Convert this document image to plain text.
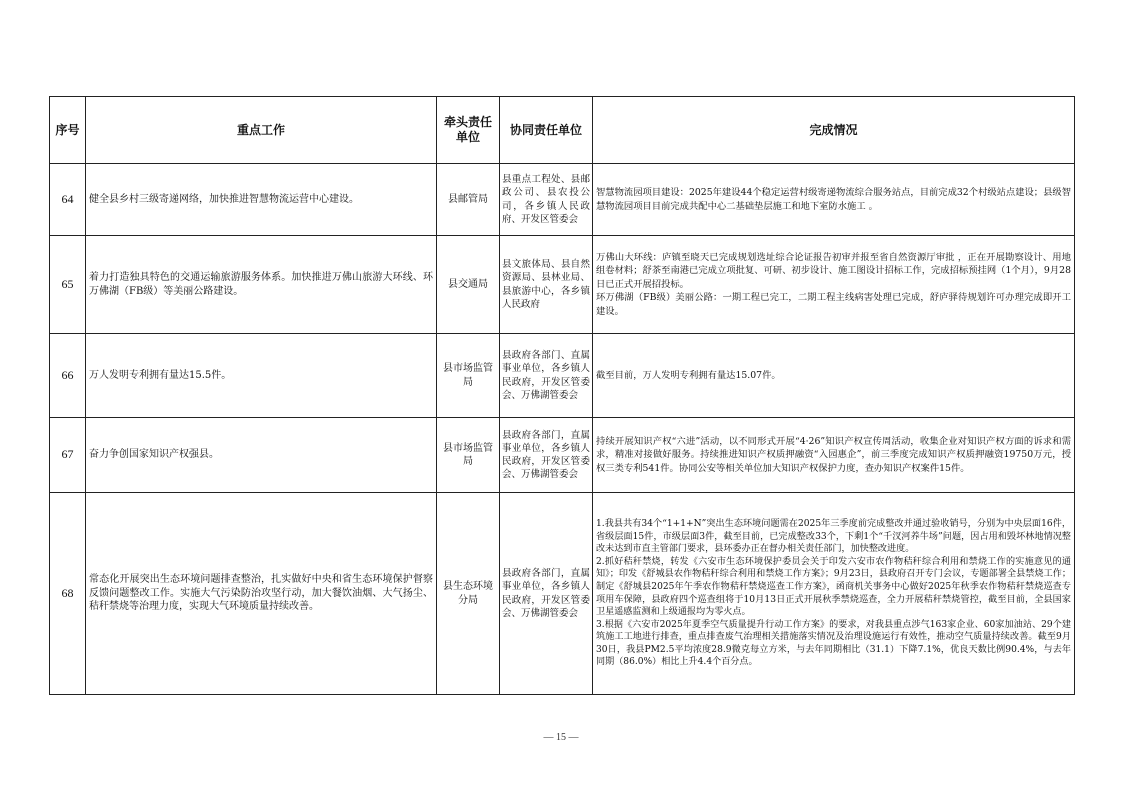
序号	重点工作	牵头责任单位	协同责任单位	完成情况
64	健全县乡村三级寄递网络，加快推进智慧物流运营中心建设。	县邮管局	县重点工程处、县邮政公司、县农投公司，各乡镇人民政府、开发区管委会	智慧物流园项目建设：2025年建设44个稳定运营村级寄递物流综合服务站点，目前完成32个村级站点建设；县级智慧物流园项目目前完成共配中心二基础垫层施工和地下室防水施工 。

65	着力打造独具特色的交通运输旅游服务体系。加快推进万佛山旅游大环线、环万佛湖（FB级）等美丽公路建设。	县交通局	县文旅体局、县自然资源局、县林业局、县旅游中心，各乡镇人民政府	万佛山大环线：庐镇至晓天已完成规划选址综合论证报告初审并报至省自然资源厅审批 ，正在开展勘察设计、用地组卷材料；舒茶至南港已完成立项批复、可研、初步设计、施工图设计招标工作，完成招标预挂网（1个月），9月28日已正式开展招投标。
环万佛湖（FB级）美丽公路：一期工程已完工，二期工程主线病害处理已完成，舒庐驿待规划许可办理完成即开工建设。

66	万人发明专利拥有量达15.5件。	县市场监管局	县政府各部门、直属事业单位，各乡镇人民政府，开发区管委会、万佛湖管委会	截至目前，万人发明专利拥有量达15.07件。

67	奋力争创国家知识产权强县。	县市场监管局	县政府各部门，直属事业单位，各乡镇人民政府，开发区管委会、万佛湖管委会	持续开展知识产权“六进”活动，以不同形式开展“4·26”知识产权宣传周活动，收集企业对知识产权方面的诉求和需求，精准对接做好服务。持续推进知识产权质押融资“入园惠企”，前三季度完成知识产权质押融资19750万元，授权三类专利541件。协同公安等相关单位加大知识产权保护力度，查办知识产权案件15件。

68	常态化开展突出生态环境问题排查整治，扎实做好中央和省生态环境保护督察反馈问题整改工作。实施大气污染防治攻坚行动，加大餐饮油烟、大气扬尘、秸秆禁烧等治理力度，实现大气环境质量持续改善。	县生态环境分局	县政府各部门，直属事业单位，各乡镇人民政府，开发区管委会、万佛湖管委会	1.我县共有34个“1+1+N”突出生态环境问题需在2025年三季度前完成整改并通过验收销号，分别为中央层面16件，省级层面15件，市级层面3件，截至目前，已完成整改33个，下剩1个“千汊河养牛场”问题，因占用和毁坏林地情况整改未达到市直主管部门要求，县环委办正在督办相关责任部门，加快整改进度。
2.抓好秸秆禁烧，转发《六安市生态环境保护委员会关于印发六安市农作物秸秆综合利用和禁烧工作的实施意见的通知》；印发《舒城县农作物秸秆综合利用和禁烧工作方案》；9月23日，县政府召开专门会议，专题部署全县禁烧工作；制定《舒城县2025年午季农作物秸秆禁烧巡查工作方案》，函商机关事务中心做好2025年秋季农作物秸秆禁烧巡查专项用车保障，县政府四个巡查组将于10月13日正式开展秋季禁烧巡查，全力开展秸秆禁烧管控，截至目前，全县国家卫星遥感监测和上级通报均为零火点。
3.根据《六安市2025年夏季空气质量提升行动工作方案》的要求，对我县重点涉气163家企业、60家加油站、29个建筑施工工地进行排查，重点排查废气治理相关措施落实情况及治理设施运行有效性，推动空气质量持续改善。截至9月30日，我县PM2.5平均浓度28.9微克每立方米，与去年同期相比（31.1）下降7.1%，优良天数比例90.4%，与去年同期（86.0%）相比上升4.4个百分点。
— 15 —
